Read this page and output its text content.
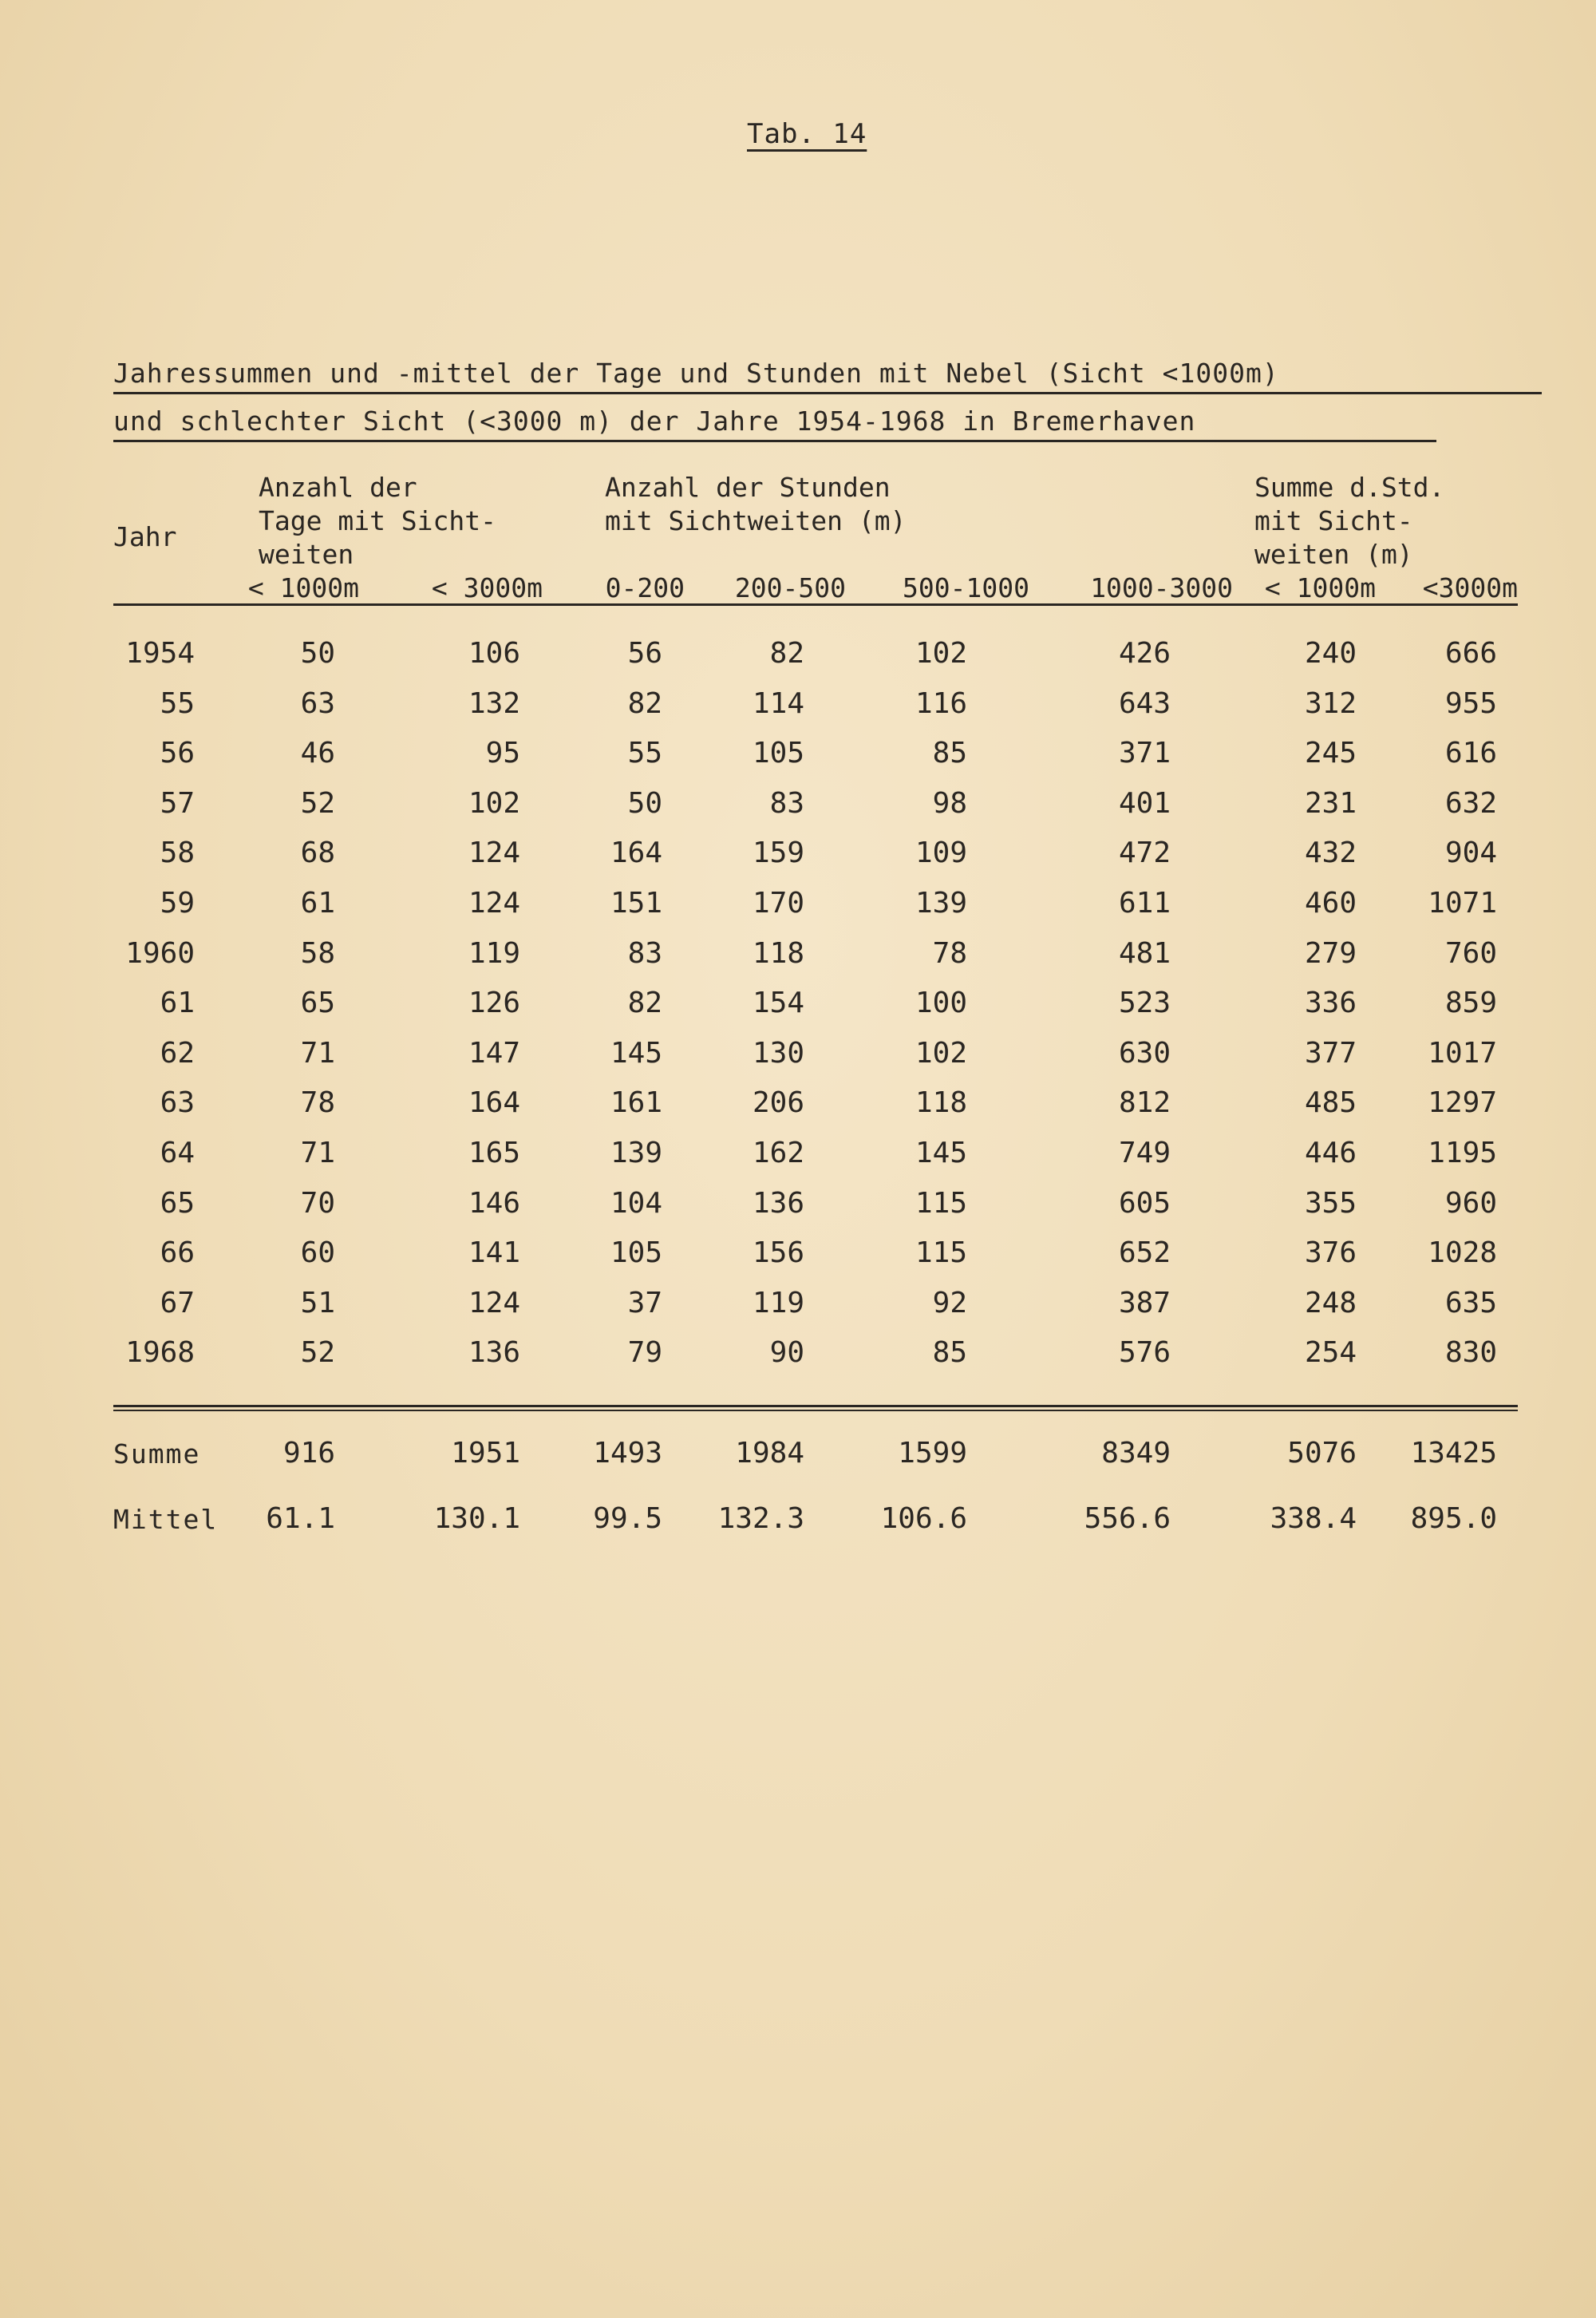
Tab. 14
Jahressummen und -mittel der Tage und Stunden mit Nebel (Sicht <1000m)
und schlechter Sicht (<3000 m) der Jahre 1954-1968 in Bremerhaven
Jahr
Anzahl der
Tage mit Sicht-
weiten
Anzahl der Stunden
mit Sichtweiten (m)
Summe d.Std.
mit Sicht-
weiten (m)
< 1000m	< 3000m 0-200 200-500 500-1000 1000-3000 < 1000m <3000m
1954	50	106	56	82	102	426	240	666
55	63	132	82	114	116	643	312	955
56	46	95	55	105	85	371	245	616
57	52	102	50	83	98	401	231	632
58	68	124	164	159	109	472	432	904
59	61	124	151	170	139	611	460 1071
1960	58	119	83	118	78	481	279	760
61	65	126	82	154	100	523	336	859
62	71	147	145	130	102	630	377 1017
63	78	164	161	206	118	812	485 1297
64	71	165	139	162	145	749	446 1195
65	70	146	104	136	115	605	355	960
66	60	141	105	156	115	652	376 1028
67	51	124	37	119	92	387	248	635
1968	52	136	79	90	85	576	254	830
Summe	916	1951	1493	1984	1599	8349	5076 13425
Mittel 61.1	130.1	99.5 132.3	106.6	556.6	338.4 895.0
